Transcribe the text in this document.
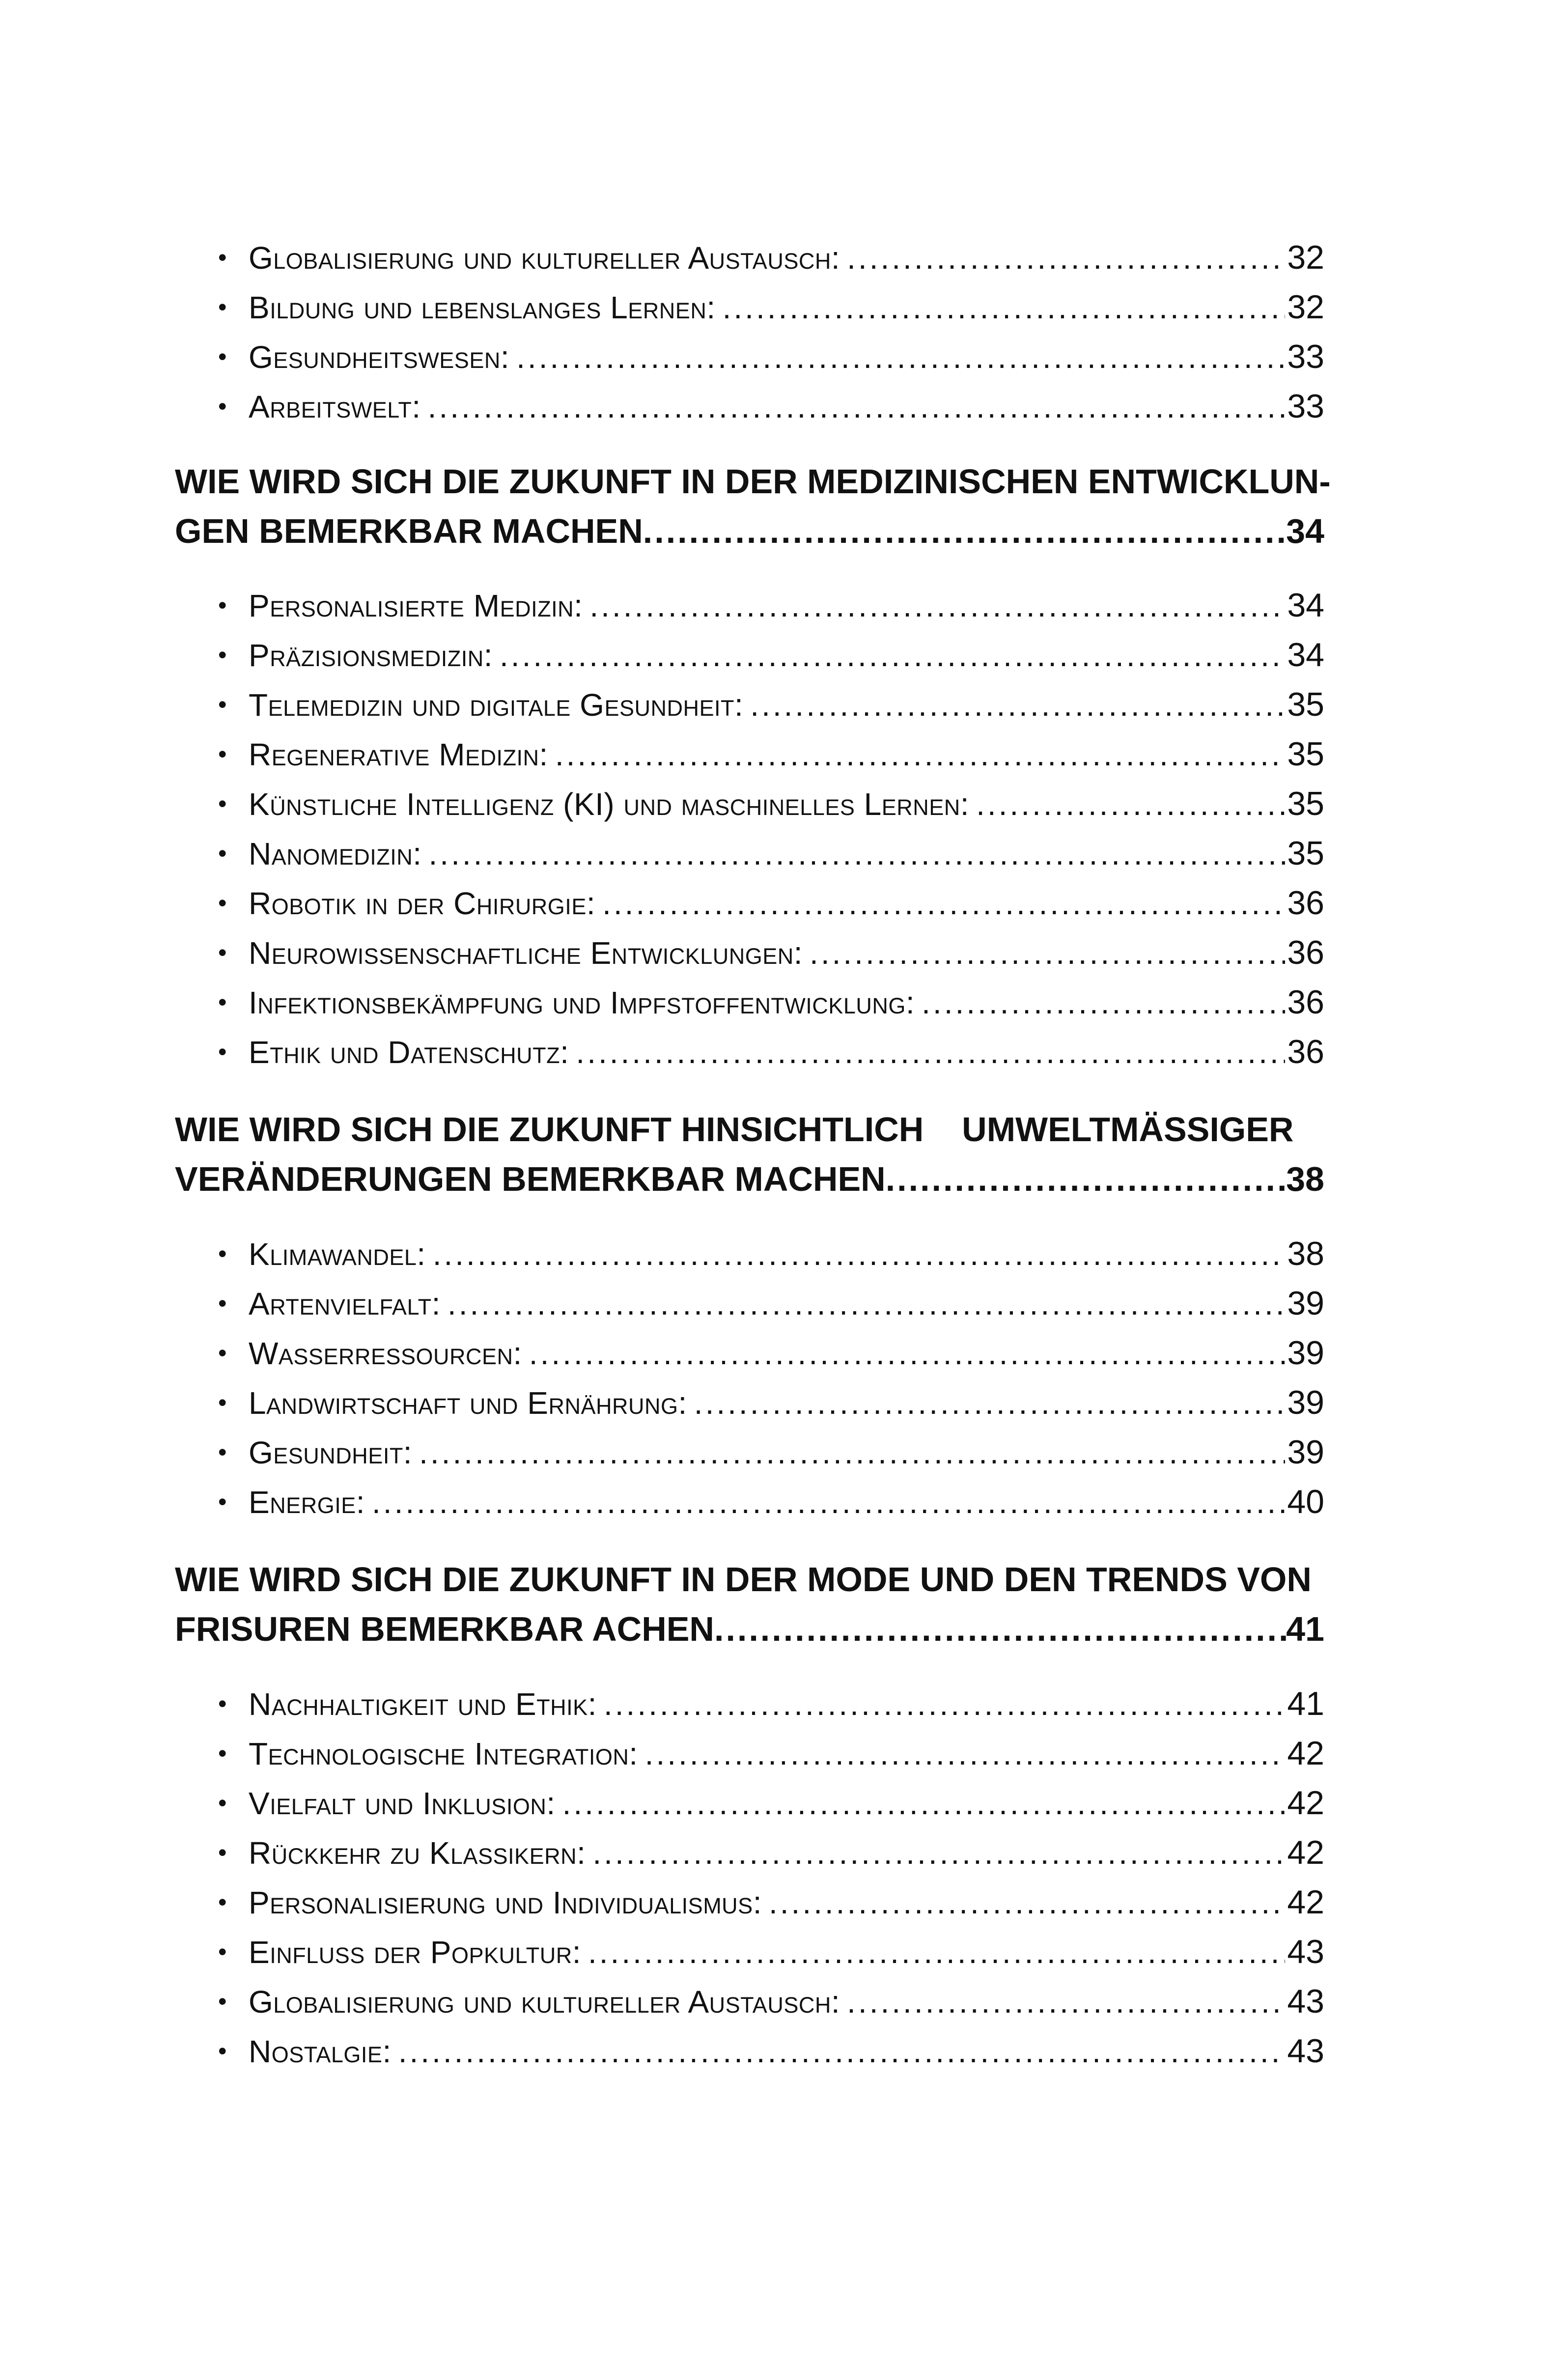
• Globalisierung und kultureller Austausch: .....	32
• Bildung und lebenslanges Lernen: .....	32
• Gesundheitswesen: .....	33
• Arbeitswelt: .....	33
WIE WIRD SICH DIE ZUKUNFT IN DER MEDIZINISCHEN ENTWICKLUN-
GEN BEMERKBAR MACHEN .....	34
• Personalisierte Medizin: .....	34
• Präzisionsmedizin: .....	34
• Telemedizin und digitale Gesundheit: .....	35
• Regenerative Medizin: .....	35
• Künstliche Intelligenz (KI) und maschinelles Lernen: .....	35
• Nanomedizin: .....	35
• Robotik in der Chirurgie: .....	36
• Neurowissenschaftliche Entwicklungen: .....	36
• Infektionsbekämpfung und Impfstoffentwicklung: .....	36
• Ethik und Datenschutz: .....	36
WIE WIRD SICH DIE ZUKUNFT HINSICHTLICH    UMWELTMÄSSIGER
VERÄNDERUNGEN BEMERKBAR MACHEN .....	38
• Klimawandel: .....	38
• Artenvielfalt: .....	39
• Wasserressourcen: .....	39
• Landwirtschaft und Ernährung: .....	39
• Gesundheit: .....	39
• Energie: .....	40
WIE WIRD SICH DIE ZUKUNFT IN DER MODE UND DEN TRENDS VON
FRISUREN BEMERKBAR ACHEN .....	41
• Nachhaltigkeit und Ethik: .....	41
• Technologische Integration: .....	42
• Vielfalt und Inklusion: .....	42
• Rückkehr zu Klassikern: .....	42
• Personalisierung und Individualismus: .....	42
• Einfluss der Popkultur: .....	43
• Globalisierung und kultureller Austausch: .....	43
• Nostalgie: .....	43
